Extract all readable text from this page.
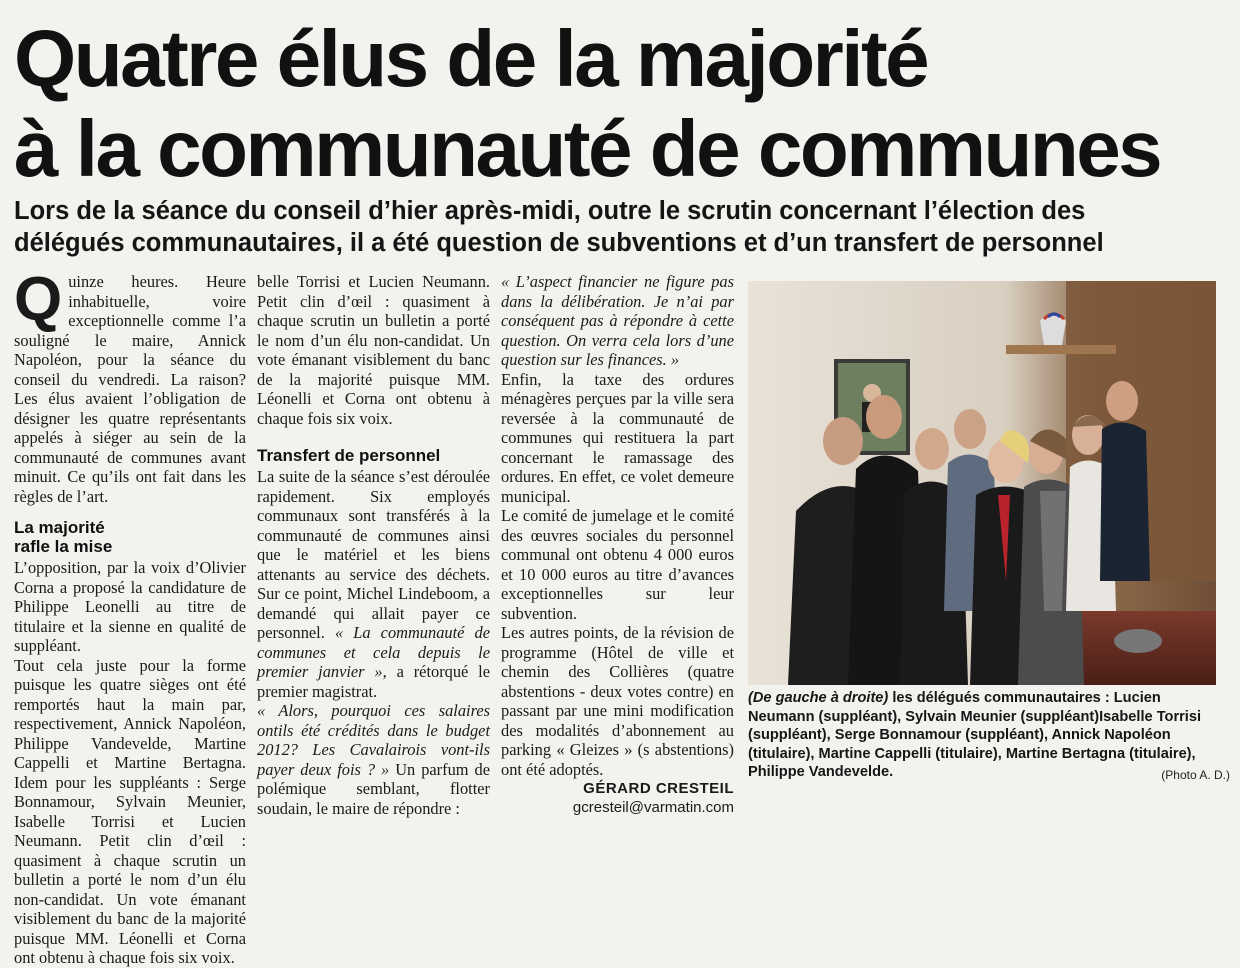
Quatre élus de la majorité
à la communauté de communes
Lors de la séance du conseil d’hier après-midi, outre le scrutin concernant l’élection des
délégués communautaires, il a été question de subventions et d’un transfert de personnel

Quinze heures. Heure inhabituelle, voire exceptionnelle comme l’a souligné le maire, Annick Napoléon, pour la séance du conseil du vendredi. La raison? Les élus avaient l’obligation de désigner les quatre représentants appelés à siéger au sein de la communauté de communes avant minuit. Ce qu’ils ont fait dans les règles de l’art.

La majorité
rafle la mise

L’opposition, par la voix d’Olivier Corna a proposé la candidature de Philippe Leonelli au titre de titulaire et la sienne en qualité de suppléant.

Tout cela juste pour la forme puisque les quatre sièges ont été remportés haut la main par, respectivement, Annick Napoléon, Philippe Vandevelde, Martine Cappelli et Martine Bertagna. Idem pour les suppléants : Serge Bonnamour, Sylvain Meunier, Isabelle Torrisi et Lucien Neumann. Petit clin d’œil : quasiment à chaque scrutin un bulletin a porté le nom d’un élu non-candidat. Un vote émanant visiblement du banc de la majorité puisque MM. Léonelli et Corna ont obtenu à chaque fois six voix.

Transfert de personnel

La suite de la séance s’est déroulée rapidement. Six employés communaux sont transférés à la communauté de communes ainsi que le matériel et les biens attenants au service des déchets. Sur ce point, Michel Lindeboom, a demandé qui allait payer ce personnel. « La communauté de communes et cela depuis le premier janvier », a rétorqué le premier magistrat.

« Alors, pourquoi ces salaires ontils été crédités dans le budget 2012? Les Cavalairois vont-ils payer deux fois ? » Un parfum de polémique semblant, flotter soudain, le maire de répondre :

« L’aspect financier ne figure pas dans la délibération. Je n’ai par conséquent pas à répondre à cette question. On verra cela lors d’une question sur les finances. »

Enfin, la taxe des ordures ménagères perçues par la ville sera reversée à la communauté de communes qui restituera la part concernant le ramassage des ordures. En effet, ce volet demeure municipal.

Le comité de jumelage et le comité des œuvres sociales du personnel communal ont obtenu 4 000 euros et 10 000 euros au titre d’avances exceptionnelles sur leur subvention.

Les autres points, de la révision de programme (Hôtel de ville et chemin des Collières (quatre abstentions - deux votes contre) en passant par une mini modification des modalités d’abonnement au parking « Gleizes » (s abstentions) ont été adoptés.

GÉRARD CRESTEIL
gcresteil@varmatin.com
(De gauche à droite) les délégués communautaires : Lucien Neumann (suppléant), Sylvain Meunier (suppléant)Isabelle Torrisi (suppléant), Serge Bonnamour (suppléant), Annick Napoléon (titulaire), Martine Cappelli (titulaire), Martine Bertagna (titulaire), Philippe Vandevelde.	(Photo A. D.)

belle Torrisi et Lucien Neumann. Petit clin d’œil : quasiment à chaque scrutin un bulletin a porté le nom d’un élu non-candidat. Un vote émanant visiblement du banc de la majorité puisque MM. Léonelli et Corna ont obtenu à chaque fois six voix.
